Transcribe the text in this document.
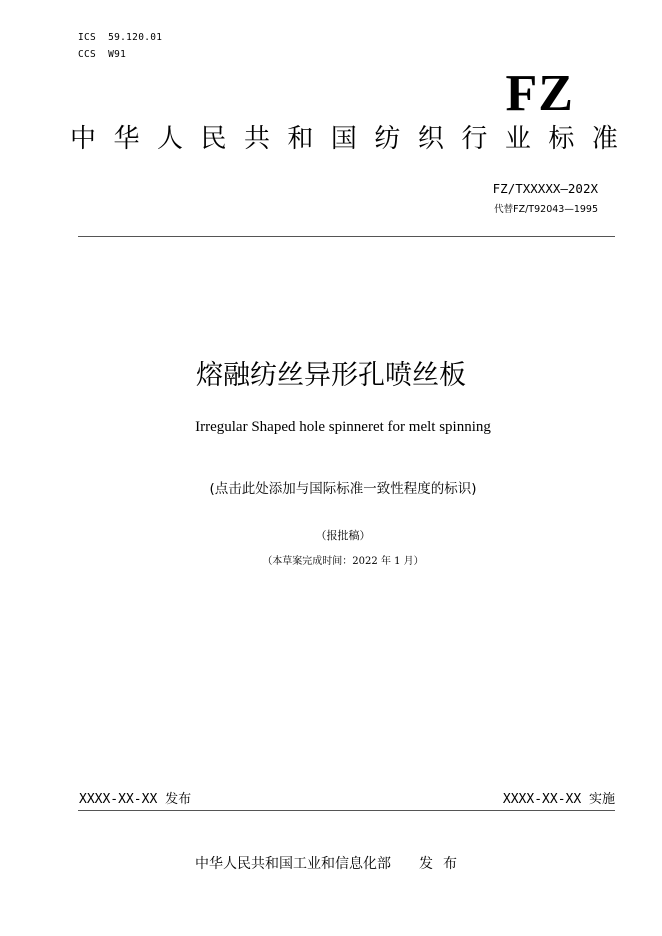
ICS  59.120.01
CCS  W91
FZ
中 华 人 民 共 和 国 纺 织 行 业 标 准
FZ/TXXXXX—202X
代替FZ/T92043—1995
熔融纺丝异形孔喷丝板
Irregular Shaped hole spinneret for melt spinning
(点击此处添加与国际标准一致性程度的标识)
（报批稿）
（本草案完成时间：2022 年 1 月）
XXXX-XX-XX 发布	XXXX-XX-XX 实施
中华人民共和国工业和信息化部 发布
